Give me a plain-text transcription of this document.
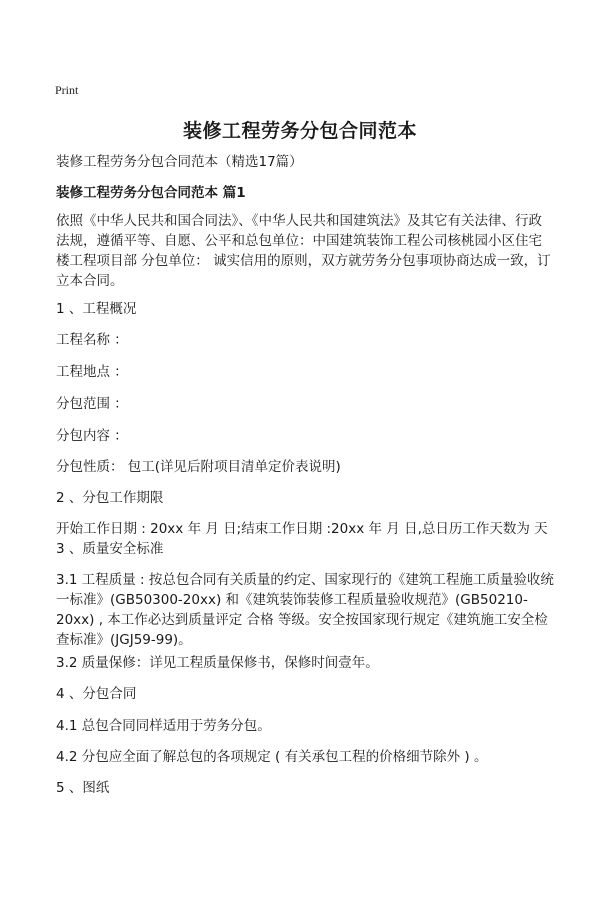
Print
装修工程劳务分包合同范本
装修工程劳务分包合同范本（精选17篇）
装修工程劳务分包合同范本 篇1
依照《中华人民共和国合同法》、《中华人民共和国建筑法》及其它有关法律、行政法规，遵循平等、自愿、公平和总包单位：中国建筑装饰工程公司核桃园小区住宅楼工程项目部 分包单位： 诚实信用的原则，双方就劳务分包事项协商达成一致，订立本合同。
1 、工程概况
工程名称 ：
工程地点 ：
分包范围 ：
分包内容 ：
分包性质： 包工(详见后附项目清单定价表说明)
2 、分包工作期限
开始工作日期 : 20xx 年 月 日;结束工作日期 :20xx 年 月 日,总日历工作天数为 天 3 、质量安全标准
3.1 工程质量 : 按总包合同有关质量的约定、国家现行的《建筑工程施工质量验收统一标准》(GB50300-20xx) 和《建筑装饰装修工程质量验收规范》(GB50210-20xx) , 本工作必达到质量评定 合格 等级。安全按国家现行规定《建筑施工安全检查标准》(JGJ59-99)。
3.2 质量保修：详见工程质量保修书，保修时间壹年。
4 、分包合同
4.1 总包合同同样适用于劳务分包。
4.2 分包应全面了解总包的各项规定 ( 有关承包工程的价格细节除外 ) 。
5 、图纸
